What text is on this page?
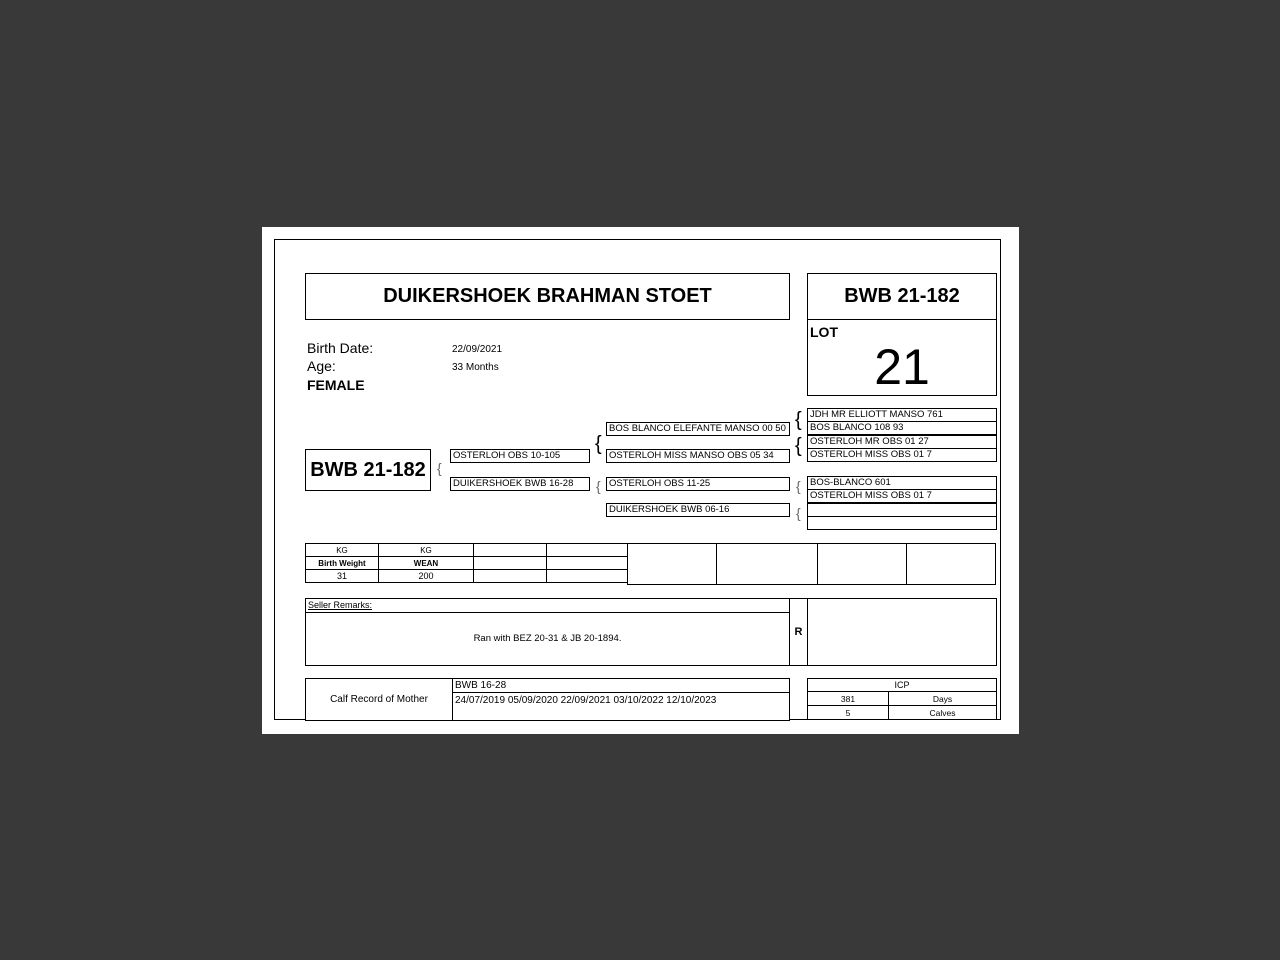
DUIKERSHOEK BRAHMAN STOET	BWB 21-182
LOT
21
Birth Date:	22/09/2021
Age:	33 Months
FEMALE
BWB 21-182 {
OSTERLOH OBS 10-105
DUIKERSHOEK BWB 16-28
{
{
BOS BLANCO ELEFANTE MANSO 00 50
OSTERLOH MISS MANSO OBS 05 34
OSTERLOH OBS 11-25
DUIKERSHOEK BWB 06-16
{
{
{
{
JDH MR ELLIOTT MANSO 761
BOS BLANCO 108 93
OSTERLOH MR OBS 01 27
OSTERLOH MISS OBS 01 7
BOS-BLANCO 601
OSTERLOH MISS OBS 01 7
KG	KG
Birth Weight	WEAN
31	200
Seller Remarks:
Ran with BEZ 20-31 & JB 20-1894.
R
Calf Record of Mother
BWB 16-28
24/07/2019 05/09/2020 22/09/2021 03/10/2022 12/10/2023
ICP
381	Days
5	Calves
